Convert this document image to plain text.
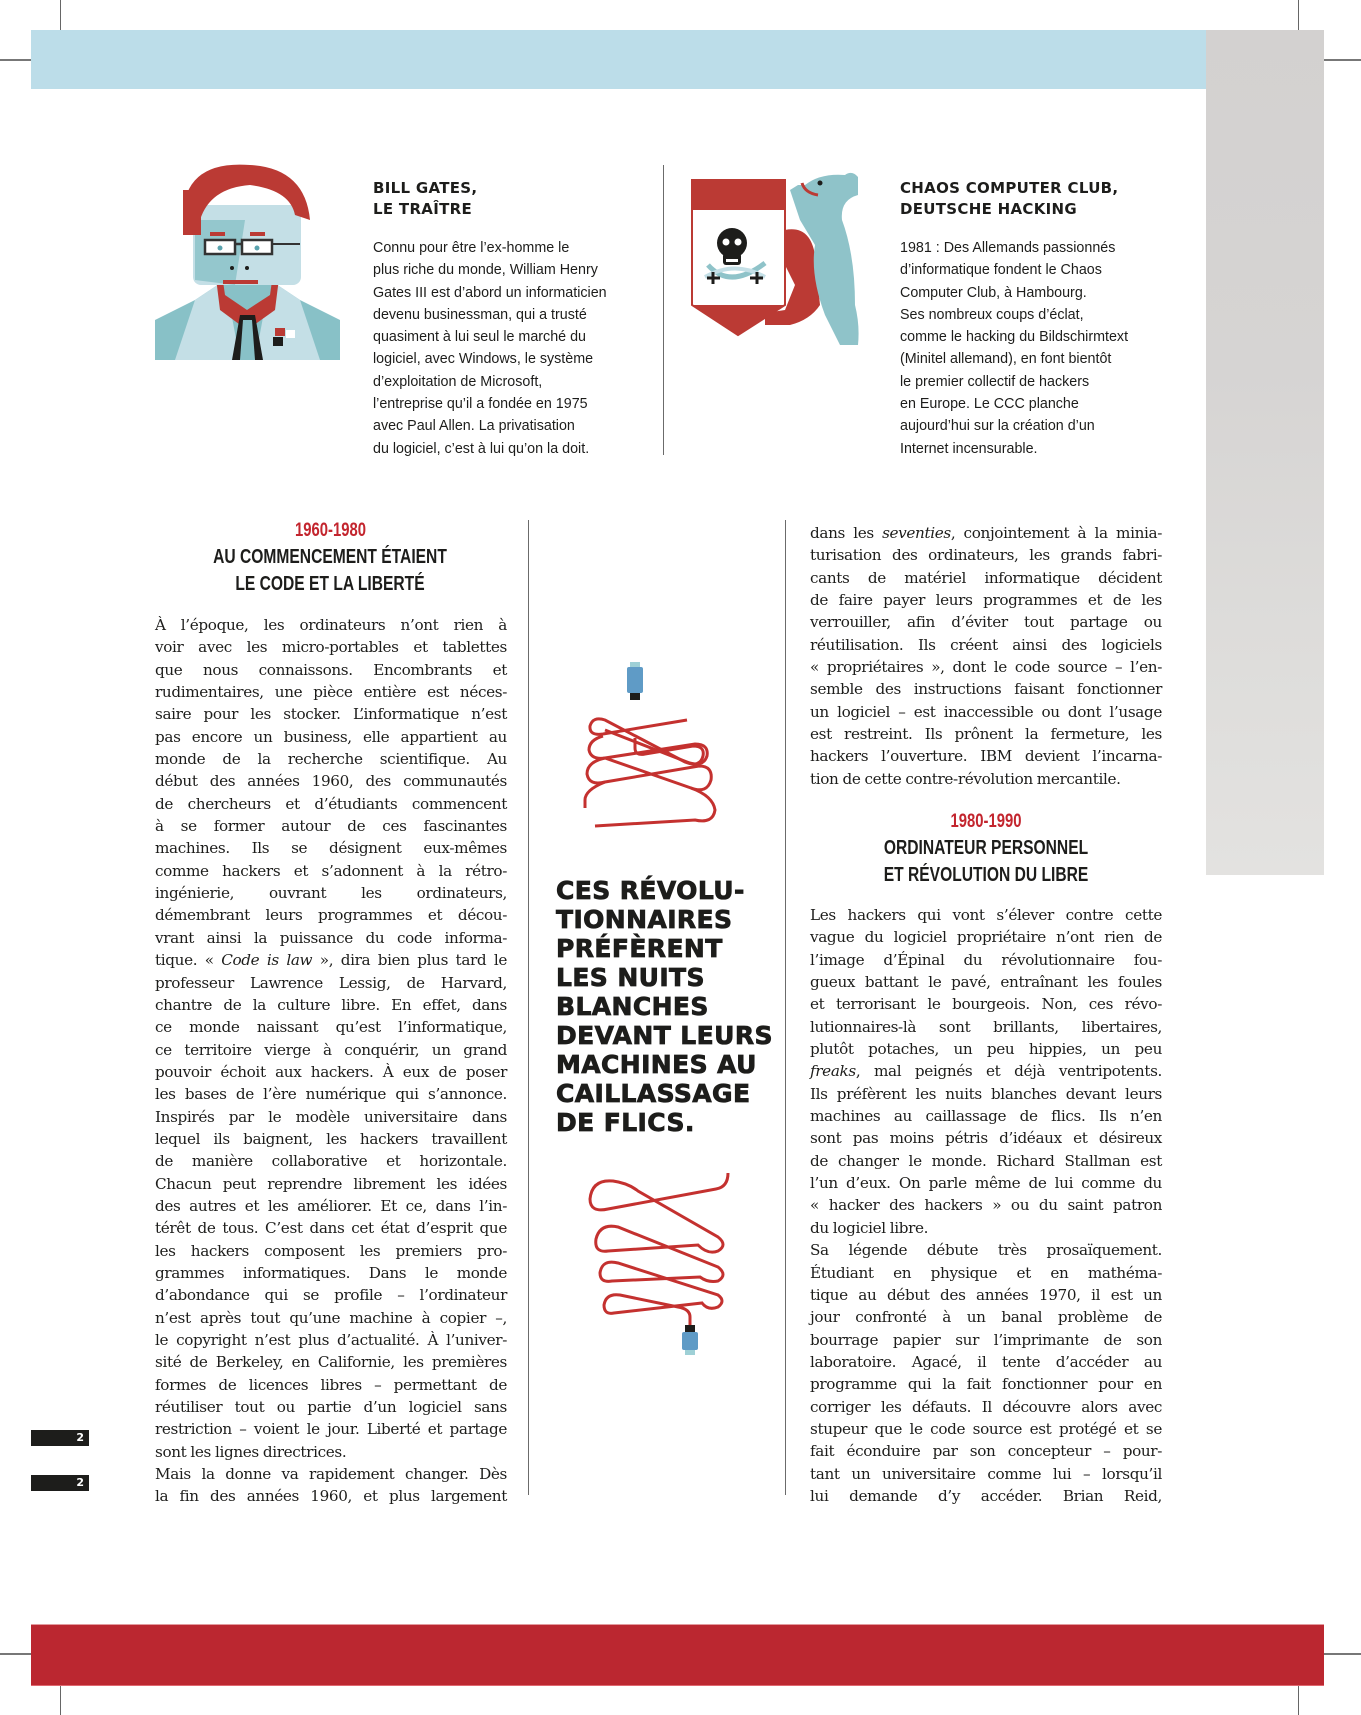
BILL GATES,
LE TRAÎTRE
Connu pour être l’ex-homme le
plus riche du monde, William Henry
Gates III est d’abord un informaticien
devenu businessman, qui a trusté
quasiment à lui seul le marché du
logiciel, avec Windows, le système
d’exploitation de Microsoft,
l’entreprise qu’il a fondée en 1975
avec Paul Allen. La privatisation
du logiciel, c’est à lui qu’on la doit.
CHAOS COMPUTER CLUB,
DEUTSCHE HACKING
1981 : Des Allemands passionnés
d’informatique fondent le Chaos
Computer Club, à Hambourg.
Ses nombreux coups d’éclat,
comme le hacking du Bildschirmtext
(Minitel allemand), en font bientôt
le premier collectif de hackers
en Europe. Le CCC planche
aujourd’hui sur la création d’un
Internet incensurable.
1960-1980
AU COMMENCEMENT ÉTAIENT
LE CODE ET LA LIBERTÉ
À l’époque, les ordinateurs n’ont rien à
voir avec les micro-portables et tablettes
que nous connaissons. Encombrants et
rudimentaires, une pièce entière est néces-
saire pour les stocker. L’informatique n’est
pas encore un business, elle appartient au
monde de la recherche scientifique. Au
début des années 1960, des communautés
de chercheurs et d’étudiants commencent
à se former autour de ces fascinantes
machines. Ils se désignent eux-mêmes
comme hackers et s’adonnent à la rétro-
ingénierie, ouvrant les ordinateurs,
démembrant leurs programmes et décou-
vrant ainsi la puissance du code informa-
tique. « Code is law », dira bien plus tard le
professeur Lawrence Lessig, de Harvard,
chantre de la culture libre. En effet, dans
ce monde naissant qu’est l’informatique,
ce territoire vierge à conquérir, un grand
pouvoir échoit aux hackers. À eux de poser
les bases de l’ère numérique qui s’annonce.
Inspirés par le modèle universitaire dans
lequel ils baignent, les hackers travaillent
de manière collaborative et horizontale.
Chacun peut reprendre librement les idées
des autres et les améliorer. Et ce, dans l’in-
térêt de tous. C’est dans cet état d’esprit que
les hackers composent les premiers pro-
grammes informatiques. Dans le monde
d’abondance qui se profile – l’ordinateur
n’est après tout qu’une machine à copier –,
le copyright n’est plus d’actualité. À l’univer-
sité de Berkeley, en Californie, les premières
formes de licences libres – permettant de
réutiliser tout ou partie d’un logiciel sans
restriction – voient le jour. Liberté et partage
sont les lignes directrices.
Mais la donne va rapidement changer. Dès
la fin des années 1960, et plus largement
CES RÉVOLU-
TIONNAIRES
PRÉFÈRENT
LES NUITS
BLANCHES
DEVANT LEURS
MACHINES AU
CAILLASSAGE
DE FLICS.
dans les seventies, conjointement à la minia-
turisation des ordinateurs, les grands fabri-
cants de matériel informatique décident
de faire payer leurs programmes et de les
verrouiller, afin d’éviter tout partage ou
réutilisation. Ils créent ainsi des logiciels
« propriétaires », dont le code source – l’en-
semble des instructions faisant fonctionner
un logiciel – est inaccessible ou dont l’usage
est restreint. Ils prônent la fermeture, les
hackers l’ouverture. IBM devient l’incarna-
tion de cette contre-révolution mercantile.
1980-1990
ORDINATEUR PERSONNEL
ET RÉVOLUTION DU LIBRE
Les hackers qui vont s’élever contre cette
vague du logiciel propriétaire n’ont rien de
l’image d’Épinal du révolutionnaire fou-
gueux battant le pavé, entraînant les foules
et terrorisant le bourgeois. Non, ces révo-
lutionnaires-là sont brillants, libertaires,
plutôt potaches, un peu hippies, un peu
freaks, mal peignés et déjà ventripotents.
Ils préfèrent les nuits blanches devant leurs
machines au caillassage de flics. Ils n’en
sont pas moins pétris d’idéaux et désireux
de changer le monde. Richard Stallman est
l’un d’eux. On parle même de lui comme du
« hacker des hackers » ou du saint patron
du logiciel libre.
Sa légende débute très prosaïquement.
Étudiant en physique et en mathéma-
tique au début des années 1970, il est un
jour confronté à un banal problème de
bourrage papier sur l’imprimante de son
laboratoire. Agacé, il tente d’accéder au
programme qui la fait fonctionner pour en
corriger les défauts. Il découvre alors avec
stupeur que le code source est protégé et se
fait éconduire par son concepteur – pour-
tant un universitaire comme lui – lorsqu’il
lui demande d’y accéder. Brian Reid,
2
2
